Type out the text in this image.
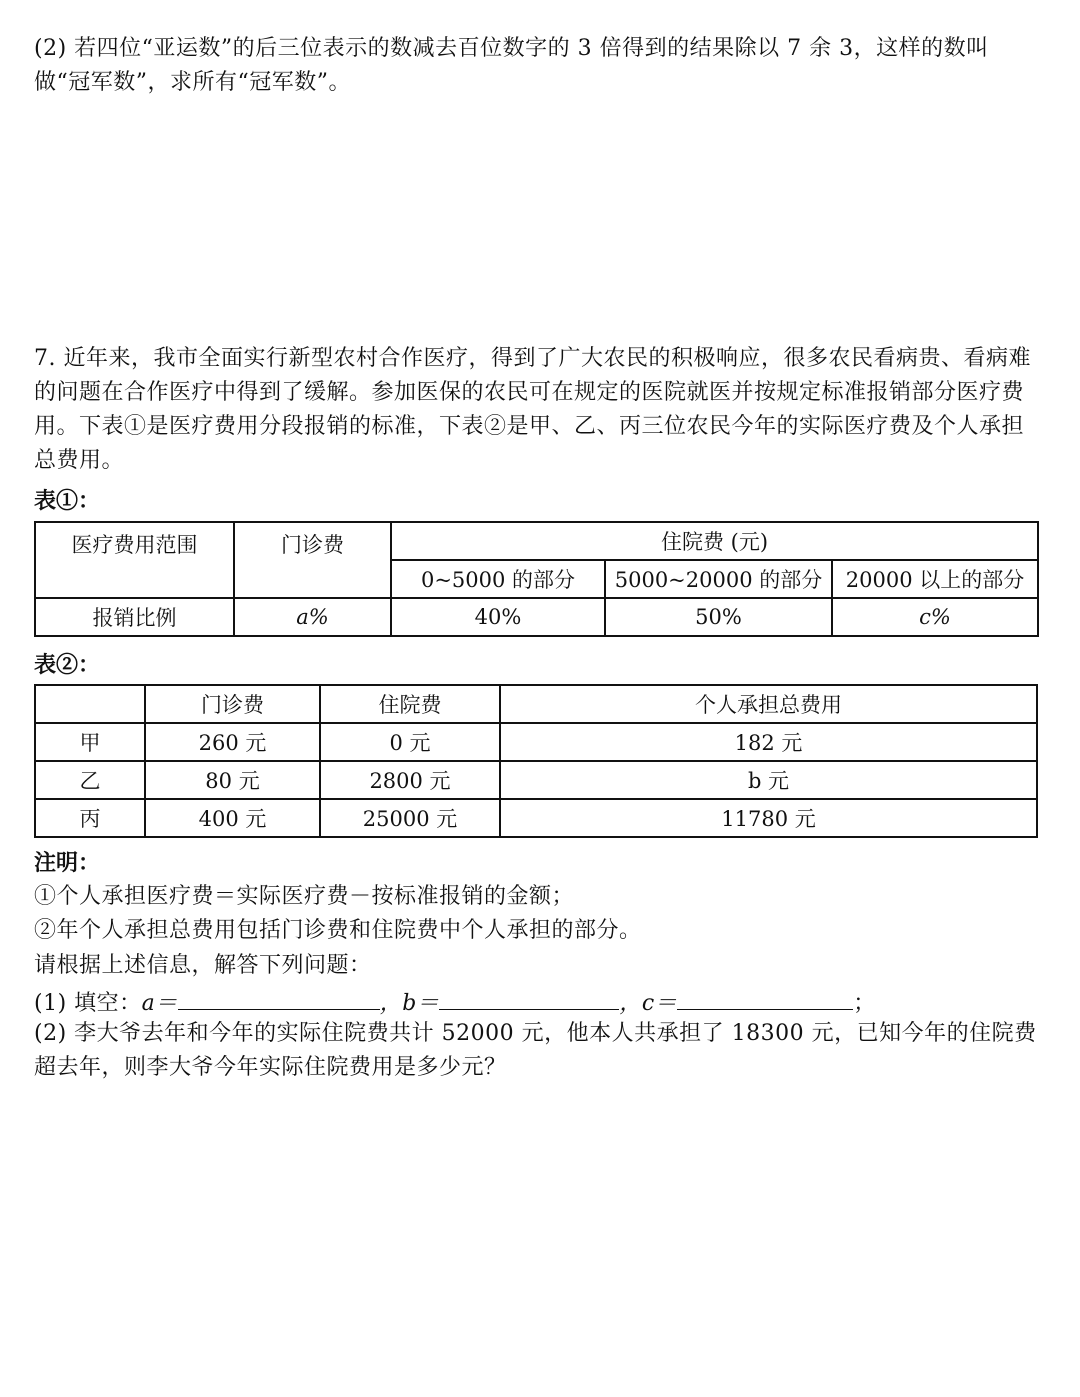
(2) 若四位“亚运数”的后三位表示的数减去百位数字的 3 倍得到的结果除以 7 余 3，这样的数叫做“冠军数”，求所有“冠军数”。

7. 近年来，我市全面实行新型农村合作医疗，得到了广大农民的积极响应，很多农民看病贵、看病难的问题在合作医疗中得到了缓解。参加医保的农民可在规定的医院就医并按规定标准报销部分医疗费用。下表①是医疗费用分段报销的标准，下表②是甲、乙、丙三位农民今年的实际医疗费及个人承担总费用。

表①：

医疗费用范围	门诊费	住院费 (元)		
		0~5000 的部分	5000~20000 的部分	20000 以上的部分
报销比例	a%	40%	50%	c%

表②：

	门诊费	住院费	个人承担总费用
甲	260 元	0 元	182 元
乙	80 元	2800 元	b 元
丙	400 元	25000 元	11780 元

注明：

①个人承担医疗费＝实际医疗费－按标准报销的金额；

②年个人承担总费用包括门诊费和住院费中个人承担的部分。

请根据上述信息，解答下列问题：

(1) 填空：a＝	，b＝	，c＝	；

(2) 李大爷去年和今年的实际住院费共计 52000 元，他本人共承担了 18300 元，已知今年的住院费超去年，则李大爷今年实际住院费用是多少元？
